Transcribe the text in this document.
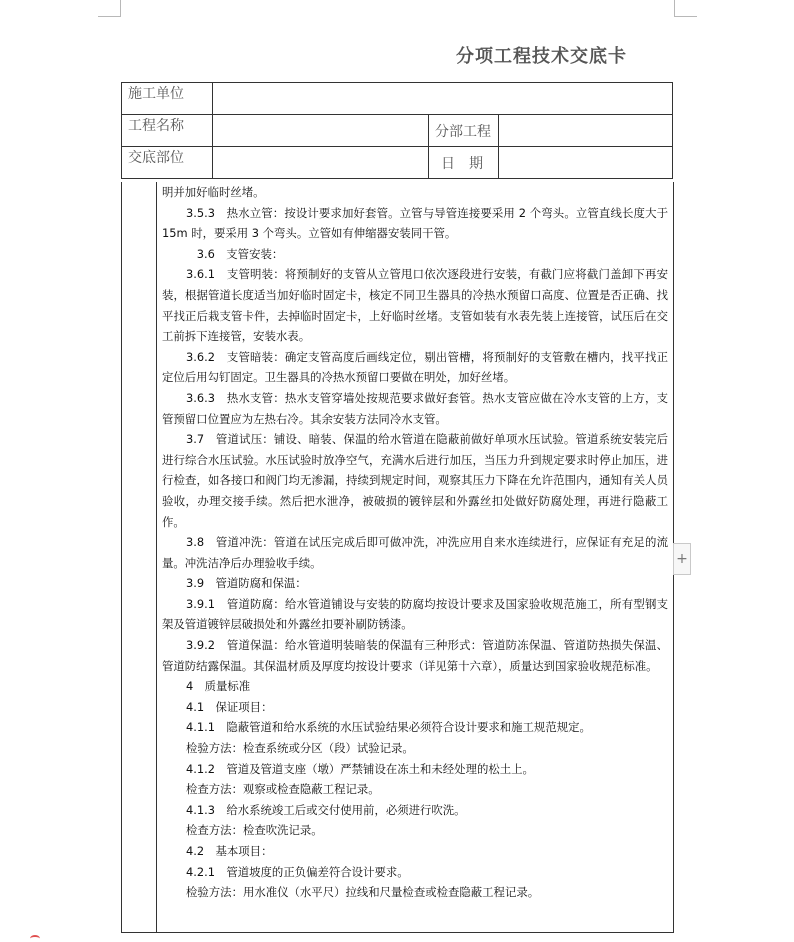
分项工程技术交底卡
施工单位			
工程名称		分部工程	
交底部位		日　期	

明并加好临时丝堵。

3.5.3　热水立管：按设计要求加好套管。立管与导管连接要采用 2 个弯头。立管直线长度大于 15m 时，要采用 3 个弯头。立管如有伸缩器安装同干管。

　　3.6　支管安装：

3.6.1　支管明装：将预制好的支管从立管甩口依次逐段进行安装，有截门应将截门盖卸下再安装，根据管道长度适当加好临时固定卡，核定不同卫生器具的冷热水预留口高度、位置是否正确、找平找正后栽支管卡件，去掉临时固定卡，上好临时丝堵。支管如装有水表先装上连接管，试压后在交工前拆下连接管，安装水表。

3.6.2　支管暗装：确定支管高度后画线定位，剔出管槽，将预制好的支管敷在槽内，找平找正定位后用勾钉固定。卫生器具的冷热水预留口要做在明处，加好丝堵。

3.6.3　热水支管：热水支管穿墙处按规范要求做好套管。热水支管应做在冷水支管的上方，支管预留口位置应为左热右冷。其余安装方法同冷水支管。

3.7　管道试压：铺设、暗装、保温的给水管道在隐蔽前做好单项水压试验。管道系统安装完后进行综合水压试验。水压试验时放净空气，充满水后进行加压，当压力升到规定要求时停止加压，进行检查，如各接口和阀门均无渗漏，持续到规定时间，观察其压力下降在允许范围内，通知有关人员验收，办理交接手续。然后把水泄净，被破损的镀锌层和外露丝扣处做好防腐处理，再进行隐蔽工作。

3.8　管道冲洗：管道在试压完成后即可做冲洗，冲洗应用自来水连续进行，应保证有充足的流量。冲洗洁净后办理验收手续。

3.9　管道防腐和保温：

3.9.1　管道防腐：给水管道铺设与安装的防腐均按设计要求及国家验收规范施工，所有型钢支架及管道镀锌层破损处和外露丝扣要补刷防锈漆。

3.9.2　管道保温：给水管道明装暗装的保温有三种形式：管道防冻保温、管道防热损失保温、管道防结露保温。其保温材质及厚度均按设计要求（详见第十六章），质量达到国家验收规范标准。

4　质量标准

4.1　保证项目：

4.1.1　隐蔽管道和给水系统的水压试验结果必须符合设计要求和施工规范规定。

检验方法：检查系统或分区（段）试验记录。

4.1.2　管道及管道支座（墩）严禁铺设在冻土和未经处理的松土上。

检查方法：观察或检查隐蔽工程记录。

4.1.3　给水系统竣工后或交付使用前，必须进行吹洗。

检查方法：检查吹洗记录。

4.2　基本项目：

4.2.1　管道坡度的正负偏差符合设计要求。

检验方法：用水准仪（水平尺）拉线和尺量检查或检查隐蔽工程记录。

+
